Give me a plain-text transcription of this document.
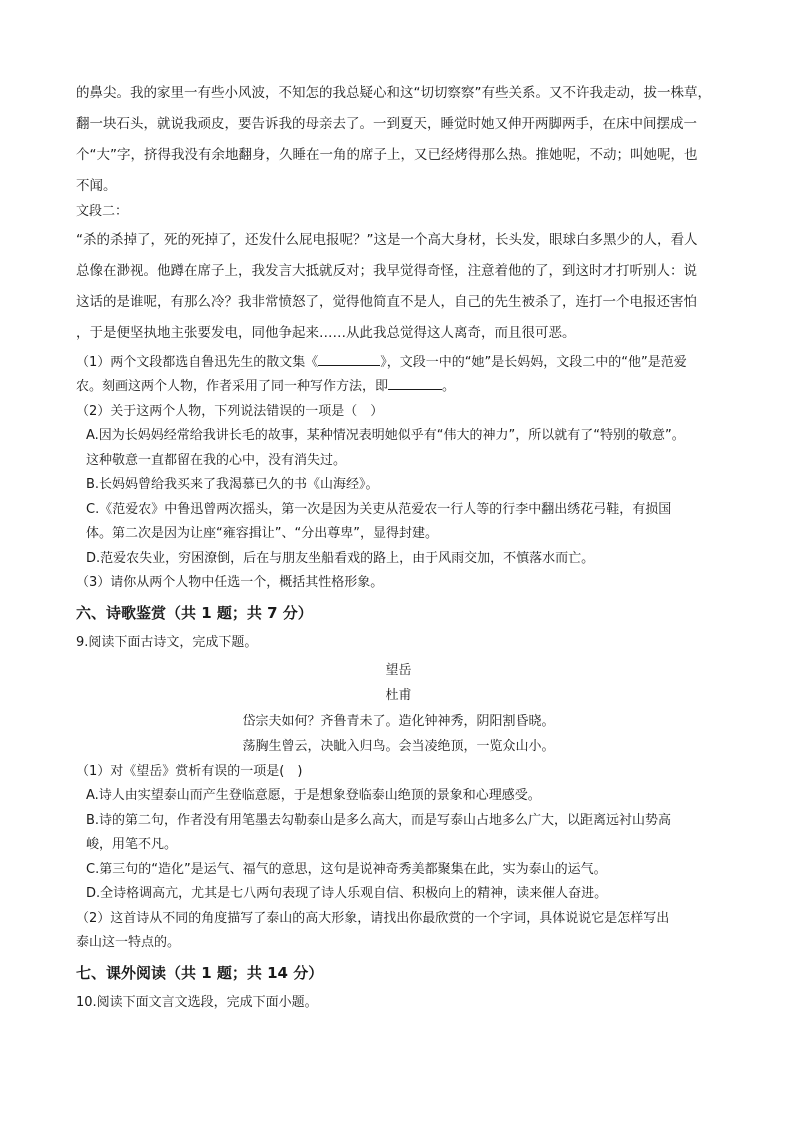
的鼻尖。我的家里一有些小风波，不知怎的我总疑心和这“切切察察”有些关系。又不许我走动，拔一株草，

翻一块石头，就说我顽皮，要告诉我的母亲去了。一到夏天，睡觉时她又伸开两脚两手，在床中间摆成一

个“大”字，挤得我没有余地翻身，久睡在一角的席子上，又已经烤得那么热。推她呢，不动；叫她呢，也

不闻。

文段二：

“杀的杀掉了，死的死掉了，还发什么屁电报呢？”这是一个高大身材，长头发，眼球白多黑少的人，看人

总像在渺视。他蹲在席子上，我发言大抵就反对；我早觉得奇怪，注意着他的了，到这时才打听别人：说

这话的是谁呢，有那么冷？我非常愤怒了，觉得他简直不是人，自己的先生被杀了，连打一个电报还害怕

，于是便坚执地主张要发电，同他争起来……从此我总觉得这人离奇，而且很可恶。

（1）两个文段都选自鲁迅先生的散文集《	》，文段一中的“她”是长妈妈，文段二中的“他”是范爱

农。刻画这两个人物，作者采用了同一种写作方法，即	。

（2）关于这两个人物，下列说法错误的一项是（　）

A.因为长妈妈经常给我讲长毛的故事，某种情况表明她似乎有“伟大的神力”，所以就有了“特别的敬意”。

这种敬意一直都留在我的心中，没有消失过。

B.长妈妈曾给我买来了我渴慕已久的书《山海经》。

C.《范爱农》中鲁迅曾两次摇头，第一次是因为关吏从范爱农一行人等的行李中翻出绣花弓鞋，有损国

体。第二次是因为让座“雍容揖让”、“分出尊卑”，显得封建。

D.范爱农失业，穷困潦倒，后在与朋友坐船看戏的路上，由于风雨交加，不慎落水而亡。

（3）请你从两个人物中任选一个，概括其性格形象。

六、诗歌鉴赏（共 1 题；共 7 分）

9.阅读下面古诗文，完成下题。

望岳

杜甫

岱宗夫如何？齐鲁青未了。造化钟神秀，阴阳割昏晓。

荡胸生曾云，决眦入归鸟。会当凌绝顶，一览众山小。

（1）对《望岳》赏析有误的一项是(　)

A.诗人由实望泰山而产生登临意愿，于是想象登临泰山绝顶的景象和心理感受。

B.诗的第二句，作者没有用笔墨去勾勒泰山是多么高大，而是写泰山占地多么广大，以距离远衬山势高

峻，用笔不凡。

C.第三句的“造化”是运气、福气的意思，这句是说神奇秀美都聚集在此，实为泰山的运气。

D.全诗格调高亢，尤其是七八两句表现了诗人乐观自信、积极向上的精神，读来催人奋进。

（2）这首诗从不同的角度描写了泰山的高大形象，请找出你最欣赏的一个字词，具体说说它是怎样写出

泰山这一特点的。

七、课外阅读（共 1 题；共 14 分）

10.阅读下面文言文选段，完成下面小题。
